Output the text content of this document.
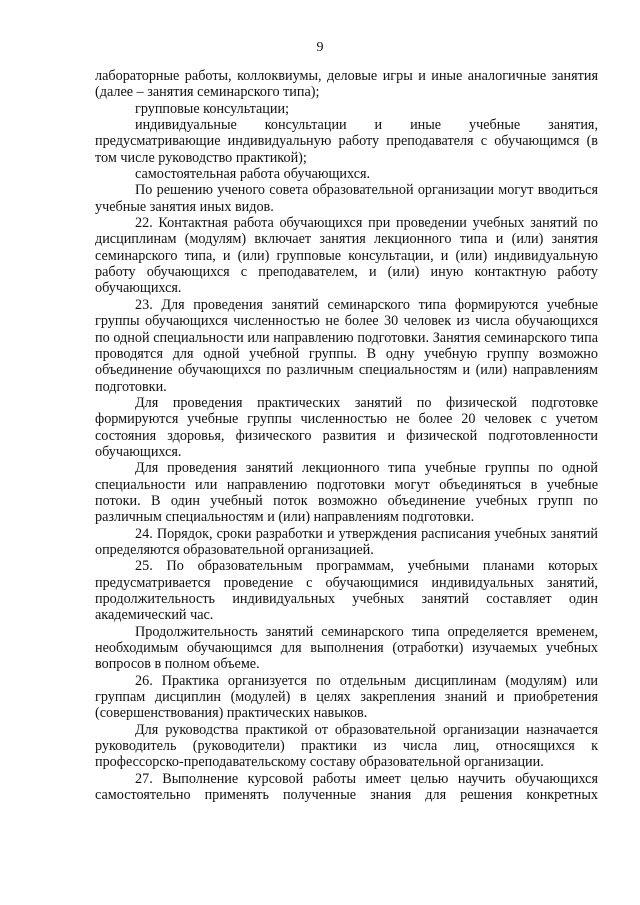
9

лабораторные работы, коллоквиумы, деловые игры и иные аналогичные занятия (далее – занятия семинарского типа);

групповые консультации;

индивидуальные консультации и иные учебные занятия, предусматривающие индивидуальную работу преподавателя с обучающимся (в том числе руководство практикой);

самостоятельная работа обучающихся.

По решению ученого совета образовательной организации могут вводиться учебные занятия иных видов.

22. Контактная работа обучающихся при проведении учебных занятий по дисциплинам (модулям) включает занятия лекционного типа и (или) занятия семинарского типа, и (или) групповые консультации, и (или) индивидуальную работу обучающихся с преподавателем, и (или) иную контактную работу обучающихся.

23. Для проведения занятий семинарского типа формируются учебные группы обучающихся численностью не более 30 человек из числа обучающихся по одной специальности или направлению подготовки. Занятия семинарского типа проводятся для одной учебной группы. В одну учебную группу возможно объединение обучающихся по различным специальностям и (или) направлениям подготовки.

Для проведения практических занятий по физической подготовке формируются учебные группы численностью не более 20 человек с учетом состояния здоровья, физического развития и физической подготовленности обучающихся.

Для проведения занятий лекционного типа учебные группы по одной специальности или направлению подготовки могут объединяться в учебные потоки. В один учебный поток возможно объединение учебных групп по различным специальностям и (или) направлениям подготовки.

24. Порядок, сроки разработки и утверждения расписания учебных занятий определяются образовательной организацией.

25. По образовательным программам, учебными планами которых предусматривается проведение с обучающимися индивидуальных занятий, продолжительность индивидуальных учебных занятий составляет один академический час.

Продолжительность занятий семинарского типа определяется временем, необходимым обучающимся для выполнения (отработки) изучаемых учебных вопросов в полном объеме.

26. Практика организуется по отдельным дисциплинам (модулям) или группам дисциплин (модулей) в целях закрепления знаний и приобретения (совершенствования) практических навыков.

Для руководства практикой от образовательной организации назначается руководитель (руководители) практики из числа лиц, относящихся к профессорско-преподавательскому составу образовательной организации.

27. Выполнение курсовой работы имеет целью научить обучающихся самостоятельно применять полученные знания для решения конкретных
